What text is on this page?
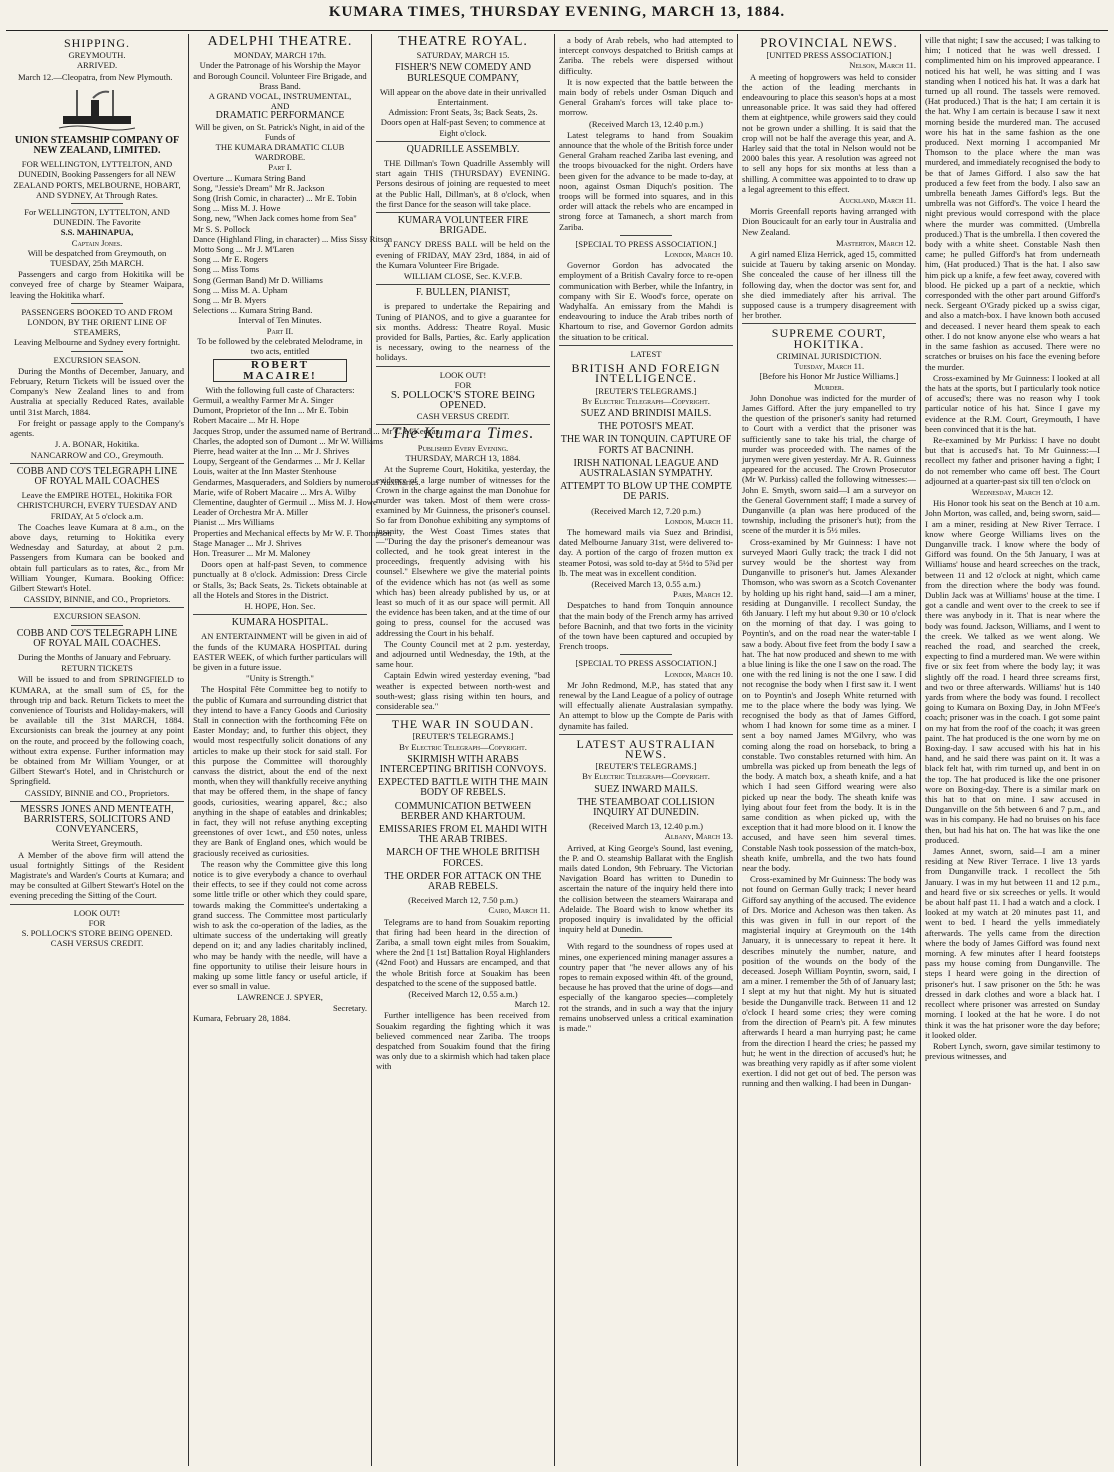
KUMARA TIMES, THURSDAY EVENING, MARCH 13, 1884.
SHIPPING.
GREYMOUTH.
ARRIVED.
March 12.—Cleopatra, from New Plymouth.
UNION STEAMSHIP COMPANY OF NEW ZEALAND, LIMITED.
FOR WELLINGTON, LYTTELTON, AND DUNEDIN, Booking Passengers for all NEW ZEALAND PORTS, MELBOURNE, HOBART, AND SYDNEY, At Through Rates.
For WELLINGTON, LYTTELTON, AND DUNEDIN. The Favorite
S.S. MAHINAPUA,
Captain Jones.
Will be despatched from Greymouth, on TUESDAY, 25th MARCH.
Passengers and cargo from Hokitika will be conveyed free of charge by Steamer Waipara, leaving the Hokitika wharf.
PASSENGERS BOOKED TO AND FROM LONDON, BY THE ORIENT LINE OF STEAMERS,
Leaving Melbourne and Sydney every fortnight.
EXCURSION SEASON.
During the Months of December, January, and February, Return Tickets will be issued over the Company's New Zealand lines to and from Australia at specially Reduced Rates, available until 31st March, 1884.
For freight or passage apply to the Company's agents.
J. A. BONAR, Hokitika.
NANCARROW and CO., Greymouth.
COBB AND CO'S TELEGRAPH LINE OF ROYAL MAIL COACHES
Leave the EMPIRE HOTEL, Hokitika FOR CHRISTCHURCH, EVERY TUESDAY AND FRIDAY, At 5 o'clock a.m.
The Coaches leave Kumara at 8 a.m., on the above days, returning to Hokitika every Wednesday and Saturday, at about 2 p.m. Passengers from Kumara can be booked and obtain full particulars as to rates, &c., from Mr William Younger, Kumara. Booking Office: Gilbert Stewart's Hotel.
CASSIDY, BINNIE, and CO., Proprietors.
EXCURSION SEASON.
COBB AND CO'S TELEGRAPH LINE OF ROYAL MAIL COACHES.
During the Months of January and February.
RETURN TICKETS
Will be issued to and from SPRINGFIELD to KUMARA, at the small sum of £5, for the through trip and back. Return Tickets to meet the convenience of Tourists and Holiday-makers, will be available till the 31st MARCH, 1884. Excursionists can break the journey at any point on the route, and proceed by the following coach, without extra expense. Further information may be obtained from Mr William Younger, or at Gilbert Stewart's Hotel, and in Christchurch or Springfield.
CASSIDY, BINNIE and CO., Proprietors.
MESSRS JONES AND MENTEATH, BARRISTERS, SOLICITORS AND CONVEYANCERS,
Werita Street, Greymouth.
A Member of the above firm will attend the usual fortnightly Sittings of the Resident Magistrate's and Warden's Courts at Kumara; and may be consulted at Gilbert Stewart's Hotel on the evening preceding the Sitting of the Court.
LOOK OUT!
FOR
S. POLLOCK'S STORE BEING OPENED.
CASH VERSUS CREDIT.
ADELPHI THEATRE.
MONDAY, MARCH 17th.
Under the Patronage of his Worship the Mayor and Borough Council. Volunteer Fire Brigade, and Brass Band.
A GRAND VOCAL, INSTRUMENTAL,
AND
DRAMATIC PERFORMANCE
Will be given, on St. Patrick's Night, in aid of the Funds of
THE KUMARA DRAMATIC CLUB WARDROBE.
Part I.
Overture ... Kumara String Band
Song, "Jessie's Dream" Mr R. Jackson
Song (Irish Comic, in character) ... Mr E. Tobin
Song ... Miss M. J. Howe
Song, new, "When Jack comes home from Sea"
Mr S. S. Pollock
Dance (Highland Fling, in character) ... Miss Sissy Ritson
Motto Song ... Mr J. M'Laren
Song ... Mr E. Rogers
Song ... Miss Toms
Song (German Band) Mr D. Williams
Song ... Miss M. A. Upham
Song ... Mr B. Myers
Selections ... Kumara String Band.
Interval of Ten Minutes.
Part II.
To be followed by the celebrated Melodrame, in two acts, entitled
ROBERT MACAIRE!
With the following full caste of Characters:
Germuil, a wealthy Farmer Mr A. Singer
Dumont, Proprietor of the Inn ... Mr E. Tobin
Robert Macaire ... Mr H. Hope
Jacques Strop, under the assumed name of Bertrand ... Mr C. M'Keegan
Charles, the adopted son of Dumont ... Mr W. Williams
Pierre, head waiter at the Inn ... Mr J. Shrives
Loupy, Sergeant of the Gendarmes ... Mr J. Kellar
Louis, waiter at the Inn Master Stenhouse
Gendarmes, Masqueraders, and Soldiers by numerous Auxiliaries.
Marie, wife of Robert Macaire ... Mrs A. Wilby
Clementine, daughter of Germuil ... Miss M. J. Howe
Leader of Orchestra Mr A. Miller
Pianist ... Mrs Williams
Properties and Mechanical effects by Mr W. F. Thompson
Stage Manager ... Mr J. Shrives
Hon. Treasurer ... Mr M. Maloney
Doors open at half-past Seven, to commence punctually at 8 o'clock. Admission: Dress Circle or Stalls, 3s; Back Seats, 2s. Tickets obtainable at all the Hotels and Stores in the District.
H. HOPE, Hon. Sec.
KUMARA HOSPITAL.
AN ENTERTAINMENT will be given in aid of the funds of the KUMARA HOSPITAL during EASTER WEEK, of which further particulars will be given in a future issue.
"Unity is Strength."
The Hospital Fête Committee beg to notify to the public of Kumara and surrounding district that they intend to have a Fancy Goods and Curiosity Stall in connection with the forthcoming Fête on Easter Monday; and, to further this object, they would most respectfully solicit donations of any articles to make up their stock for said stall. For this purpose the Committee will thoroughly canvass the district, about the end of the next month, when they will thankfully receive anything that may be offered them, in the shape of fancy goods, curiosities, wearing apparel, &c.; also anything in the shape of eatables and drinkables; in fact, they will not refuse anything excepting greenstones of over 1cwt., and £50 notes, unless they are Bank of England ones, which would be graciously received as curiosities.
The reason why the Committee give this long notice is to give everybody a chance to overhaul their effects, to see if they could not come across some little trifle or other which they could spare, towards making the Committee's undertaking a grand success. The Committee most particularly wish to ask the co-operation of the ladies, as the ultimate success of the undertaking will greatly depend on it; and any ladies charitably inclined, who may be handy with the needle, will have a fine opportunity to utilise their leisure hours in making up some little fancy or useful article, if ever so small in value.
LAWRENCE J. SPYER,
Secretary.
Kumara, February 28, 1884.
THEATRE ROYAL.
SATURDAY, MARCH 15.
FISHER'S NEW COMEDY AND BURLESQUE COMPANY,
Will appear on the above date in their unrivalled Entertainment.
Admission: Front Seats, 3s; Back Seats, 2s.
Doors open at Half-past Seven; to commence at Eight o'clock.
QUADRILLE ASSEMBLY.
THE Dillman's Town Quadrille Assembly will start again THIS (THURSDAY) EVENING. Persons desirous of joining are requested to meet at the Public Hall, Dillman's, at 8 o'clock, when the first Dance for the season will take place.
KUMARA VOLUNTEER FIRE BRIGADE.
A FANCY DRESS BALL will be held on the evening of FRIDAY, MAY 23rd, 1884, in aid of the Kumara Volunteer Fire Brigade.
WILLIAM CLOSE, Sec. K.V.F.B.
F. BULLEN, PIANIST,
is prepared to undertake the Repairing and Tuning of PIANOS, and to give a guarantee for six months. Address: Theatre Royal. Music provided for Balls, Parties, &c. Early application is necessary, owing to the nearness of the holidays.
LOOK OUT!
FOR
S. POLLOCK'S STORE BEING OPENED.
CASH VERSUS CREDIT.
The Kumara Times.
Published Every Evening.
THURSDAY, MARCH 13, 1884.
At the Supreme Court, Hokitika, yesterday, the evidence of a large number of witnesses for the Crown in the charge against the man Donohue for murder was taken. Most of them were cross-examined by Mr Guinness, the prisoner's counsel. So far from Donohue exhibiting any symptoms of insanity, the West Coast Times states that—"During the day the prisoner's demeanour was collected, and he took great interest in the proceedings, frequently advising with his counsel." Elsewhere we give the material points of the evidence which has not (as well as some which has) been already published by us, or at least so much of it as our space will permit. All the evidence has been taken, and at the time of our going to press, counsel for the accused was addressing the Court in his behalf.
The County Council met at 2 p.m. yesterday, and adjourned until Wednesday, the 19th, at the same hour.
Captain Edwin wired yesterday evening, "bad weather is expected between north-west and south-west; glass rising within ten hours, and considerable sea."
THE WAR IN SOUDAN.
[REUTER'S TELEGRAMS.]
By Electric Telegraph—Copyright.
SKIRMISH WITH ARABS INTERCEPTING BRITISH CONVOYS.
EXPECTED BATTLE WITH THE MAIN BODY OF REBELS.
COMMUNICATION BETWEEN BERBER AND KHARTOUM.
EMISSARIES FROM EL MAHDI WITH THE ARAB TRIBES.
MARCH OF THE WHOLE BRITISH FORCES.
THE ORDER FOR ATTACK ON THE ARAB REBELS.
(Received March 12, 7.50 p.m.)
Cairo, March 11.
Telegrams are to hand from Souakim reporting that firing had been heard in the direction of Zariba, a small town eight miles from Souakim, where the 2nd [1 1st] Battalion Royal Highlanders (42nd Foot) and Hussars are encamped, and that the whole British force at Souakim has been despatched to the scene of the supposed battle.
(Received March 12, 0.55 a.m.)
March 12.
Further intelligence has been received from Souakim regarding the fighting which it was believed commenced near Zariba. The troops despatched from Souakim found that the firing was only due to a skirmish which had taken place with
a body of Arab rebels, who had attempted to intercept convoys despatched to British camps at Zariba. The rebels were dispersed without difficulty.
It is now expected that the battle between the main body of rebels under Osman Diquch and General Graham's forces will take place to-morrow.
(Received March 13, 12.40 p.m.)
Latest telegrams to hand from Souakim announce that the whole of the British force under General Graham reached Zariba last evening, and the troops bivouacked for the night. Orders have been given for the advance to be made to-day, at noon, against Osman Diquch's position. The troops will be formed into squares, and in this order will attack the rebels who are encamped in strong force at Tamanech, a short march from Zariba.
[SPECIAL TO PRESS ASSOCIATION.]
London, March 10.
Governor Gordon has advocated the employment of a British Cavalry force to re-open communication with Berber, while the Infantry, in company with Sir E. Wood's force, operate on Wadyhalfa. An emissary from the Mahdi is endeavouring to induce the Arab tribes north of Khartoum to rise, and Governor Gordon admits the situation to be critical.
LATEST
BRITISH AND FOREIGN INTELLIGENCE.
[REUTER'S TELEGRAMS.]
By Electric Telegraph—Copyright.
SUEZ AND BRINDISI MAILS.
THE POTOSI'S MEAT.
THE WAR IN TONQUIN. CAPTURE OF FORTS AT BACNINH.
IRISH NATIONAL LEAGUE AND AUSTRALASIAN SYMPATHY.
ATTEMPT TO BLOW UP THE COMPTE DE PARIS.
(Received March 12, 7.20 p.m.)
London, March 11.
The homeward mails via Suez and Brindisi, dated Melbourne January 31st, were delivered to-day. A portion of the cargo of frozen mutton ex steamer Potosi, was sold to-day at 5½d to 5⅞d per lb. The meat was in excellent condition.
(Received March 13, 0.55 a.m.)
Paris, March 12.
Despatches to hand from Tonquin announce that the main body of the French army has arrived before Bacninh, and that two forts in the vicinity of the town have been captured and occupied by French troops.
[SPECIAL TO PRESS ASSOCIATION.]
London, March 10.
Mr John Redmond, M.P., has stated that any renewal by the Land League of a policy of outrage will effectually alienate Australasian sympathy. An attempt to blow up the Compte de Paris with dynamite has failed.
LATEST AUSTRALIAN NEWS.
[REUTER'S TELEGRAMS.]
By Electric Telegraph—Copyright.
SUEZ INWARD MAILS.
THE STEAMBOAT COLLISION INQUIRY AT DUNEDIN.
(Received March 13, 12.40 p.m.)
Albany, March 13.
Arrived, at King George's Sound, last evening, the P. and O. steamship Ballarat with the English mails dated London, 9th February. The Victorian Navigation Board has written to Dunedin to ascertain the nature of the inquiry held there into the collision between the steamers Wairarapa and Adelaide. The Board wish to know whether its proposed inquiry is invalidated by the official inquiry held at Dunedin.
With regard to the soundness of ropes used at mines, one experienced mining manager assures a country paper that "he never allows any of his ropes to remain exposed within 4ft. of the ground, because he has proved that the urine of dogs—and especially of the kangaroo species—completely rot the strands, and in such a way that the injury remains unobserved unless a critical examination is made."
PROVINCIAL NEWS.
[UNITED PRESS ASSOCIATION.]
Nelson, March 11.
A meeting of hopgrowers was held to consider the action of the leading merchants in endeavouring to place this season's hops at a most unreasonable price. It was said they had offered them at eightpence, while growers said they could not be grown under a shilling. It is said that the crop will not be half the average this year, and A. Harley said that the total in Nelson would not be 2000 bales this year. A resolution was agreed not to sell any hops for six months at less than a shilling. A committee was appointed to to draw up a legal agreement to this effect.
Auckland, March 11.
Morris Greenfall reports having arranged with Dion Boucicault for an early tour in Australia and New Zealand.
Masterton, March 12.
A girl named Eliza Herrick, aged 15, committed suicide at Taueru by taking arsenic on Monday. She concealed the cause of her illness till the following day, when the doctor was sent for, and she died immediately after his arrival. The supposed cause is a trumpery disagreement with her brother.
SUPREME COURT, HOKITIKA.
CRIMINAL JURISDICTION.
Tuesday, March 11.
[Before his Honor Mr Justice Williams.]
Murder.
John Donohue was indicted for the murder of James Gifford. After the jury empanelled to try the question of the prisoner's sanity had returned to Court with a verdict that the prisoner was sufficiently sane to take his trial, the charge of murder was proceeded with. The names of the jurymen were given yesterday. Mr A. R. Guinness appeared for the accused. The Crown Prosecutor (Mr W. Purkiss) called the following witnesses:— John E. Smyth, sworn said—I am a surveyor on the General Government staff; I made a survey of Dunganville (a plan was here produced of the township, including the prisoner's hut); from the scene of the murder it is 5½ miles.
Cross-examined by Mr Guinness: I have not surveyed Maori Gully track; the track I did not survey would be the shortest way from Dunganville to prisoner's hut. James Alexander Thomson, who was sworn as a Scotch Covenanter by holding up his right hand, said—I am a miner, residing at Dunganville. I recollect Sunday, the 6th January. I left my hut about 9.30 or 10 o'clock on the morning of that day. I was going to Poyntin's, and on the road near the water-table I saw a body. About five feet from the body I saw a hat. The hat now produced and shewn to me with a blue lining is like the one I saw on the road. The one with the red lining is not the one I saw. I did not recognise the body when I first saw it. I went on to Poyntin's and Joseph White returned with me to the place where the body was lying. We recognised the body as that of James Gifford, whom I had known for some time as a miner. I sent a boy named James M'Gilvry, who was coming along the road on horseback, to bring a constable. Two constables returned with him. An umbrella was picked up from beneath the legs of the body. A match box, a sheath knife, and a hat which I had seen Gifford wearing were also picked up near the body. The sheath knife was lying about four feet from the body. It is in the same condition as when picked up, with the exception that it had more blood on it. I know the accused, and have seen him several times. Constable Nash took possession of the match-box, sheath knife, umbrella, and the two hats found near the body.
Cross-examined by Mr Guinness: The body was not found on German Gully track; I never heard Gifford say anything of the accused. The evidence of Drs. Morice and Acheson was then taken. As this was given in full in our report of the magisterial inquiry at Greymouth on the 14th January, it is unnecessary to repeat it here. It describes minutely the number, nature, and position of the wounds on the body of the deceased. Joseph William Poyntin, sworn, said, I am a miner. I remember the 5th of of January last; I slept at my hut that night. My hut is situated beside the Dunganville track. Between 11 and 12 o'clock I heard some cries; they were coming from the direction of Pearn's pit. A few minutes afterwards I heard a man hurrying past; he came from the direction I heard the cries; he passed my hut; he went in the direction of accused's hut; he was breathing very rapidly as if after some violent exertion. I did not get out of bed. The person was running and then walking. I had been in Dungan-
ville that night; I saw the accused; I was talking to him; I noticed that he was well dressed. I complimented him on his improved appearance. I noticed his hat well, he was sitting and I was standing when I noticed his hat. It was a dark hat turned up all round. The tassels were removed. (Hat produced.) That is the hat; I am certain it is the hat. Why I am certain is because I saw it next morning beside the murdered man. The accused wore his hat in the same fashion as the one produced. Next morning I accompanied Mr Thomson to the place where the man was murdered, and immediately recognised the body to be that of James Gifford. I also saw the hat produced a few feet from the body. I also saw an umbrella beneath James Gifford's legs. But the umbrella was not Gifford's. The voice I heard the night previous would correspond with the place where the murder was committed. (Umbrella produced.) That is the umbrella. I then covered the body with a white sheet. Constable Nash then came; he pulled Gifford's hat from underneath him, (Hat produced.) That is the hat. I also saw him pick up a knife, a few feet away, covered with blood. He picked up a part of a necktie, which corresponded with the other part around Gifford's neck. Sergeant O'Grady picked up a swiss cigar, and also a match-box. I have known both accused and deceased. I never heard them speak to each other. I do not know anyone else who wears a hat in the same fashion as accused. There were no scratches or bruises on his face the evening before the murder.
Cross-examined by Mr Guinness: I looked at all the hats at the sports, but I particularly took notice of accused's; there was no reason why I took particular notice of his hat. Since I gave my evidence at the R.M. Court, Greymouth, I have been convinced that it is the hat.
Re-examined by Mr Purkiss: I have no doubt but that is accused's hat. To Mr Guinness:—I recollect my father and prisoner having a fight; I do not remember who came off best. The Court adjourned at a quarter-past six till ten o'clock on
Wednesday, March 12.
His Honor took his seat on the Bench at 10 a.m. John Morton, was called, and, being sworn, said—I am a miner, residing at New River Terrace. I know where George Williams lives on the Dunganville track. I know where the body of Gifford was found. On the 5th January, I was at Williams' house and heard screeches on the track, between 11 and 12 o'clock at night, which came from the direction where the body was found. Dublin Jack was at Williams' house at the time. I got a candle and went over to the creek to see if there was anybody in it. That is near where the body was found. Jackson, Williams, and I went to the creek. We talked as we went along. We reached the road, and searched the creek, expecting to find a murdered man. We were within five or six feet from where the body lay; it was slightly off the road. I heard three screams first, and two or three afterwards. Williams' hut is 140 yards from where the body was found. I recollect going to Kumara on Boxing Day, in John M'Fee's coach; prisoner was in the coach. I got some paint on my hat from the roof of the coach; it was green paint. The hat produced is the one worn by me on Boxing-day. I saw accused with his hat in his hand, and he said there was paint on it. It was a black felt hat, with rim turned up, and bent in on the top. The hat produced is like the one prisoner wore on Boxing-day. There is a similar mark on this hat to that on mine. I saw accused in Dunganville on the 5th between 6 and 7 p.m., and was in his company. He had no bruises on his face then, but had his hat on. The hat was like the one produced.
James Annet, sworn, said—I am a miner residing at New River Terrace. I live 13 yards from Dunganville track. I recollect the 5th January. I was in my hut between 11 and 12 p.m., and heard five or six screeches or yells. It would be about half past 11. I had a watch and a clock. I looked at my watch at 20 minutes past 11, and went to bed. I heard the yells immediately afterwards. The yells came from the direction where the body of James Gifford was found next morning. A few minutes after I heard footsteps pass my house coming from Dunganville. The steps I heard were going in the direction of prisoner's hut. I saw prisoner on the 5th: he was dressed in dark clothes and wore a black hat. I recollect where prisoner was arrested on Sunday morning. I looked at the hat he wore. I do not think it was the hat prisoner wore the day before; it looked older.
Robert Lynch, sworn, gave similar testimony to previous witnesses, and
